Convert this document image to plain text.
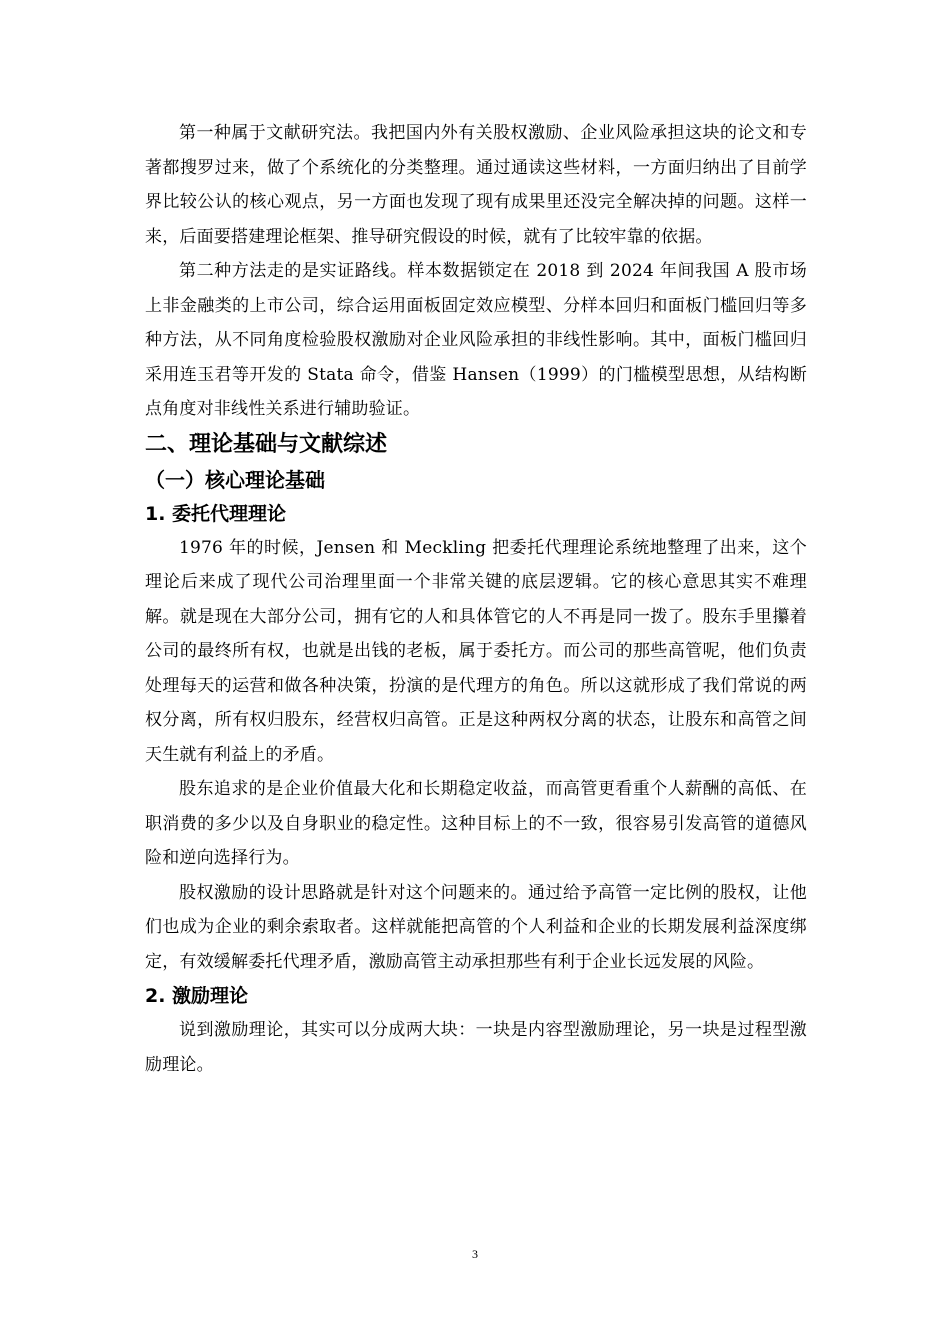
第一种属于文献研究法。我把国内外有关股权激励、企业风险承担这块的论文和专著都搜罗过来，做了个系统化的分类整理。通过通读这些材料，一方面归纳出了目前学界比较公认的核心观点，另一方面也发现了现有成果里还没完全解决掉的问题。这样一来，后面要搭建理论框架、推导研究假设的时候，就有了比较牢靠的依据。

第二种方法走的是实证路线。样本数据锁定在 2018 到 2024 年间我国 A 股市场上非金融类的上市公司，综合运用面板固定效应模型、分样本回归和面板门槛回归等多种方法，从不同角度检验股权激励对企业风险承担的非线性影响。其中，面板门槛回归采用连玉君等开发的 Stata 命令，借鉴 Hansen（1999）的门槛模型思想，从结构断点角度对非线性关系进行辅助验证。

二、理论基础与文献综述
（一）核心理论基础
1. 委托代理理论

1976 年的时候，Jensen 和 Meckling 把委托代理理论系统地整理了出来，这个理论后来成了现代公司治理里面一个非常关键的底层逻辑。它的核心意思其实不难理解。就是现在大部分公司，拥有它的人和具体管它的人不再是同一拨了。股东手里攥着公司的最终所有权，也就是出钱的老板，属于委托方。而公司的那些高管呢，他们负责处理每天的运营和做各种决策，扮演的是代理方的角色。所以这就形成了我们常说的两权分离，所有权归股东，经营权归高管。正是这种两权分离的状态，让股东和高管之间天生就有利益上的矛盾。

股东追求的是企业价值最大化和长期稳定收益，而高管更看重个人薪酬的高低、在职消费的多少以及自身职业的稳定性。这种目标上的不一致，很容易引发高管的道德风险和逆向选择行为。

股权激励的设计思路就是针对这个问题来的。通过给予高管一定比例的股权，让他们也成为企业的剩余索取者。这样就能把高管的个人利益和企业的长期发展利益深度绑定，有效缓解委托代理矛盾，激励高管主动承担那些有利于企业长远发展的风险。

2. 激励理论

说到激励理论，其实可以分成两大块：一块是内容型激励理论，另一块是过程型激励理论。

3
